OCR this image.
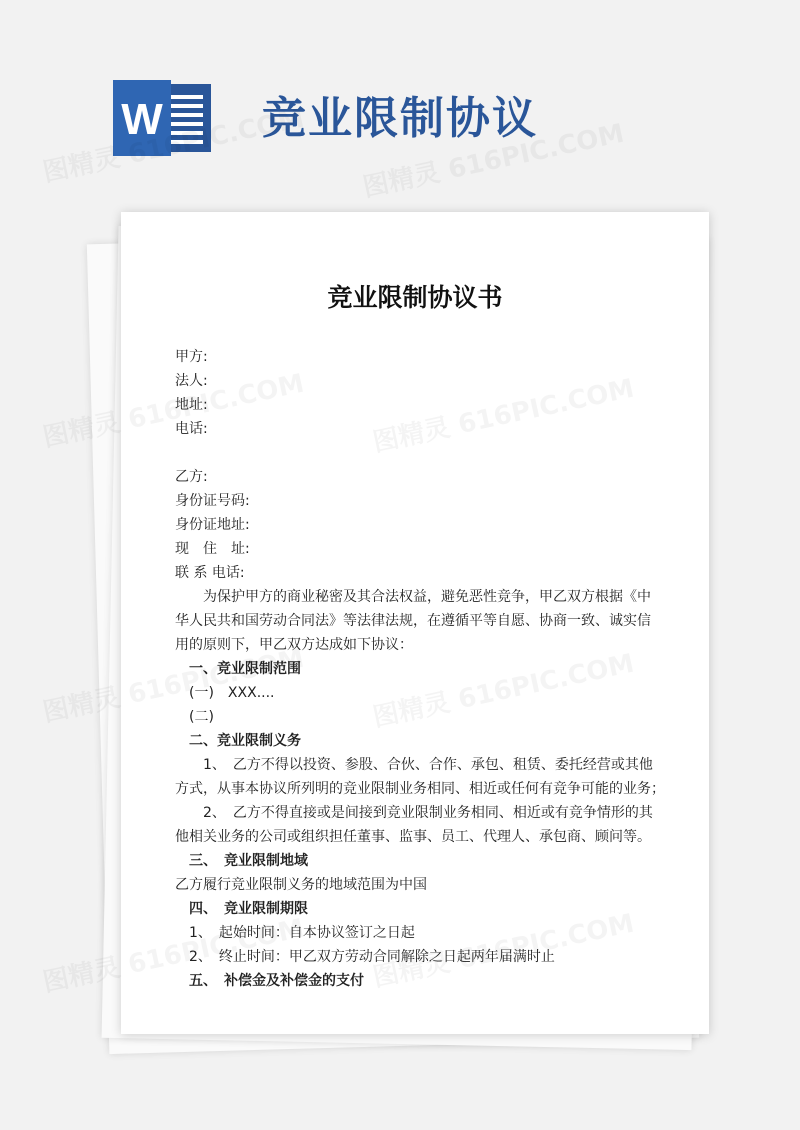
W 竞业限制协议
竞业限制协议书
甲方:
法人:
地址:
电话:
乙方:
身份证号码:
身份证地址:
现　住　址:
联 系 电话:
　　为保护甲方的商业秘密及其合法权益，避免恶性竞争，甲乙双方根据《中
华人民共和国劳动合同法》等法律法规，在遵循平等自愿、协商一致、诚实信
用的原则下，甲乙双方达成如下协议：
　一、竞业限制范围
　(一)　XXX....
　(二)
　二、竞业限制义务
　　1、　乙方不得以投资、参股、合伙、合作、承包、租赁、委托经营或其他
方式，从事本协议所列明的竞业限制业务相同、相近或任何有竞争可能的业务；
　　2、　乙方不得直接或是间接到竞业限制业务相同、相近或有竞争情形的其
他相关业务的公司或组织担任董事、监事、员工、代理人、承包商、顾问等。
　三、　竞业限制地域
乙方履行竞业限制义务的地域范围为中国
　四、　竞业限制期限
　1、　起始时间：自本协议签订之日起
　2、　终止时间：甲乙双方劳动合同解除之日起两年届满时止
　五、　补偿金及补偿金的支付
